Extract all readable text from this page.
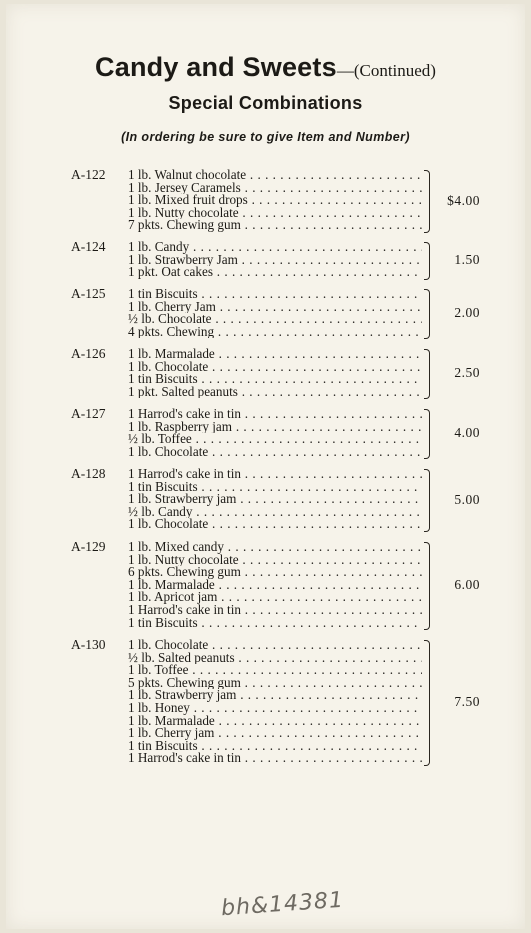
Candy and Sweets—(Continued)
Special Combinations
(In ordering be sure to give Item and Number)
A-122 1 lb. Walnut chocolate . . .
1 lb. Jersey Caramels . . .
1 lb. Mixed fruit drops . . .
1 lb. Nutty chocolate . . .
7 pkts. Chewing gum . . .
$4.00
A-124 1 lb. Candy . . .
1 lb. Strawberry Jam . . .
1 pkt. Oat cakes . . .
1.50
A-125 1 tin Biscuits . . .
1 lb. Cherry Jam . . .
½ lb. Chocolate . . .
4 pkts. Chewing . . .
2.00
A-126 1 lb. Marmalade . . .
1 lb. Chocolate . . .
1 tin Biscuits . . .
1 pkt. Salted peanuts . . .
2.50
A-127 1 Harrod's cake in tin . . .
1 lb. Raspberry jam . . .
½ lb. Toffee . . .
1 lb. Chocolate . . .
4.00
A-128 1 Harrod's cake in tin . . .
1 tin Biscuits . . .
1 lb. Strawberry jam . . .
½ lb. Candy . . .
1 lb. Chocolate . . .
5.00
A-129 1 lb. Mixed candy . . .
1 lb. Nutty chocolate . . .
6 pkts. Chewing gum . . .
1 lb. Marmalade . . .
1 lb. Apricot jam . . .
1 Harrod's cake in tin . . .
1 tin Biscuits . . .
6.00
A-130 1 lb. Chocolate . . .
½ lb. Salted peanuts . . .
1 lb. Toffee . . .
5 pkts. Chewing gum . . .
1 lb. Strawberry jam . . .
1 lb. Honey . . .
1 lb. Marmalade . . .
1 lb. Cherry jam . . .
1 tin Biscuits . . .
1 Harrod's cake in tin . . .
7.50
bh&14381
